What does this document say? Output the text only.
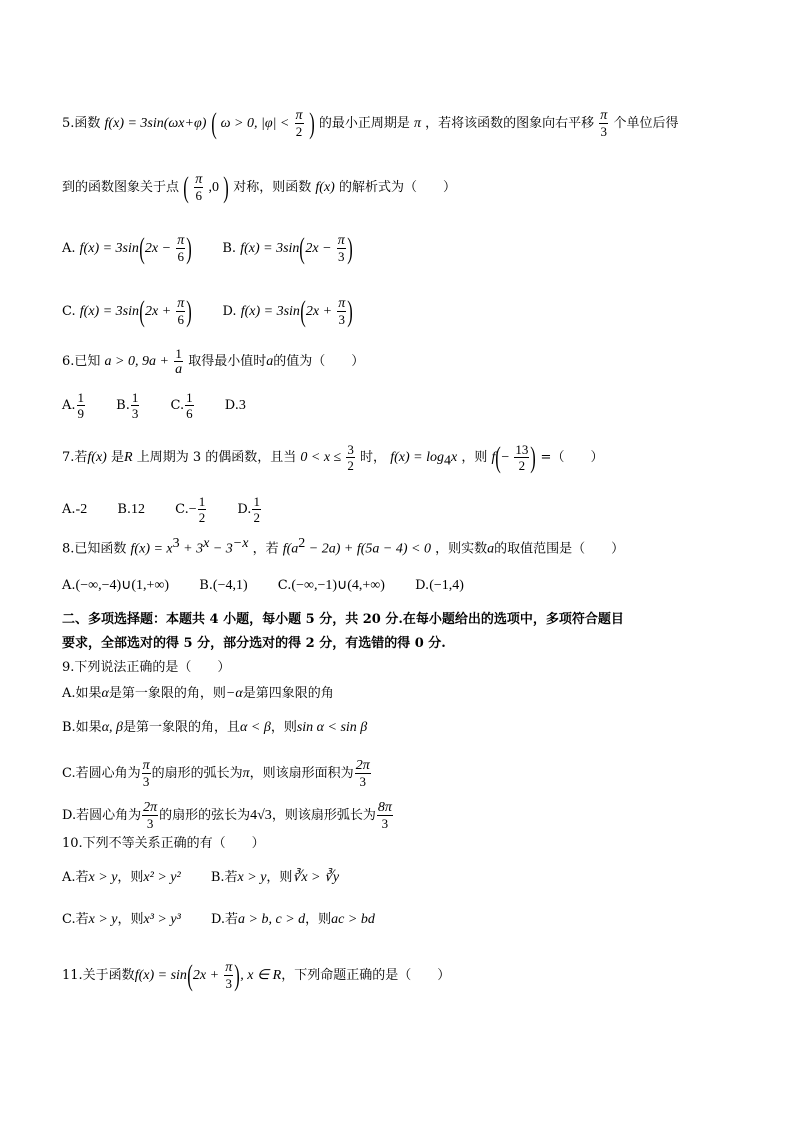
5.函数 f(x) = 3sin(ωx+φ) ( ω > 0, $|\varphi| < \frac{\pi}{2}$ ) 的最小正周期是 π ，若将该函数的图象向右平移 $\frac{\pi}{3}$ 个单位后得
到的函数图象关于点 ( $\frac{\pi}{6} ,0$ ) 对称，则函数 f(x) 的解析式为（　　）
A. $f(x) = 3\sin(2x - \frac{\pi}{6}$ ) B. $f(x) = 3\sin(2x - \frac{\pi}{3}$ )
C. $f(x) = 3\sin(2x + \frac{\pi}{6}$ ) D. $f(x) = 3\sin(2x + \frac{\pi}{3}$ )
6.已知 a > 0, $9a + \frac{1}{a}$ 取得最小值时a的值为（　　）
A. $\frac{1}{9} B$. $\frac{1}{3} C$. $\frac{1}{6} D.3$
7.若f(x) 是R 上周期为 3 的偶函数，且当 $0 < x \le \frac{3}{2}$ 时， $f(x) = \log_4x$ ，则 $f(- \frac{13}{2}$ ) =（　　）
A.-2 B.12 $C.- \frac{1}{2} D$. $\frac{1}{2}$
8.已知函数 $f(x) = x^3 + 3^x - 3^{-x}$ ，若 $f(a^2 - 2a) + f(5a - 4) < 0$ ，则实数a的取值范围是（　　）
A.(−∞,−4)∪(1,+∞) B.(−4,1) C.(−∞,−1)∪(4,+∞) D.(−1,4)
二、多项选择题：本题共 4 小题，每小题 5 分，共 20 分.在每小题给出的选项中，多项符合题目
要求，全部选对的得 5 分，部分选对的得 2 分，有选错的得 0 分.
9.下列说法正确的是（　　）
A.如果α是第一象限的角，则−α是第四象限的角
B.如果α, β是第一象限的角，且α < β，则sin α < sin β
C.若圆心角为 $\frac{\pi}{3}$ 的扇形的弧长为π，则该扇形面积为 $\frac{2\pi}{3}$
D.若圆心角为 $\frac{2\pi}{3}$ 的扇形的弦长为4√3，则该扇形弧长为 $\frac{8\pi}{3}$
10.下列不等关系正确的有（　　）
A.若x > y，则x² > y² B.若x > y，则∛x > ∛y
C.若x > y，则x³ > y³ D.若a > b, c > d，则ac > bd
11.关于函数$f(x) = \sin(2x + \frac{\pi}{3}$ ), x ∈ R，下列命题正确的是（　　）
